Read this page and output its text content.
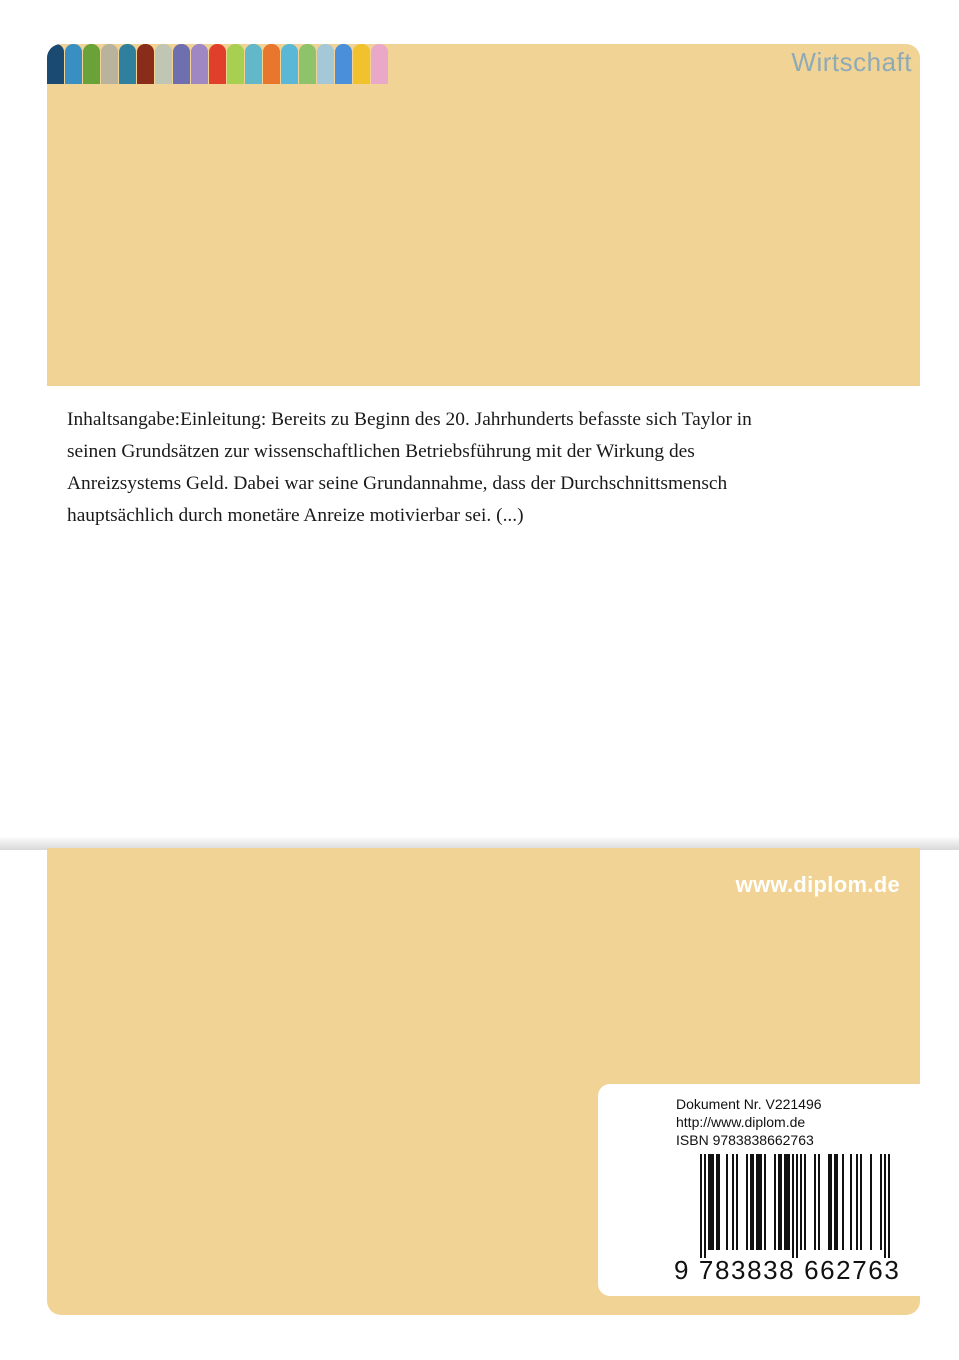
Wirtschaft

Inhaltsangabe:Einleitung: Bereits zu Beginn des 20. Jahrhunderts befasste sich Taylor in
seinen Grundsätzen zur wissenschaftlichen Betriebsführung mit der Wirkung des
Anreizsystems Geld. Dabei war seine Grundannahme, dass der Durchschnittsmensch
hauptsächlich durch monetäre Anreize motivierbar sei. (...)

www.diplom.de
Dokument Nr. V221496
http://www.diplom.de
ISBN 9783838662763
9 783838 662763
